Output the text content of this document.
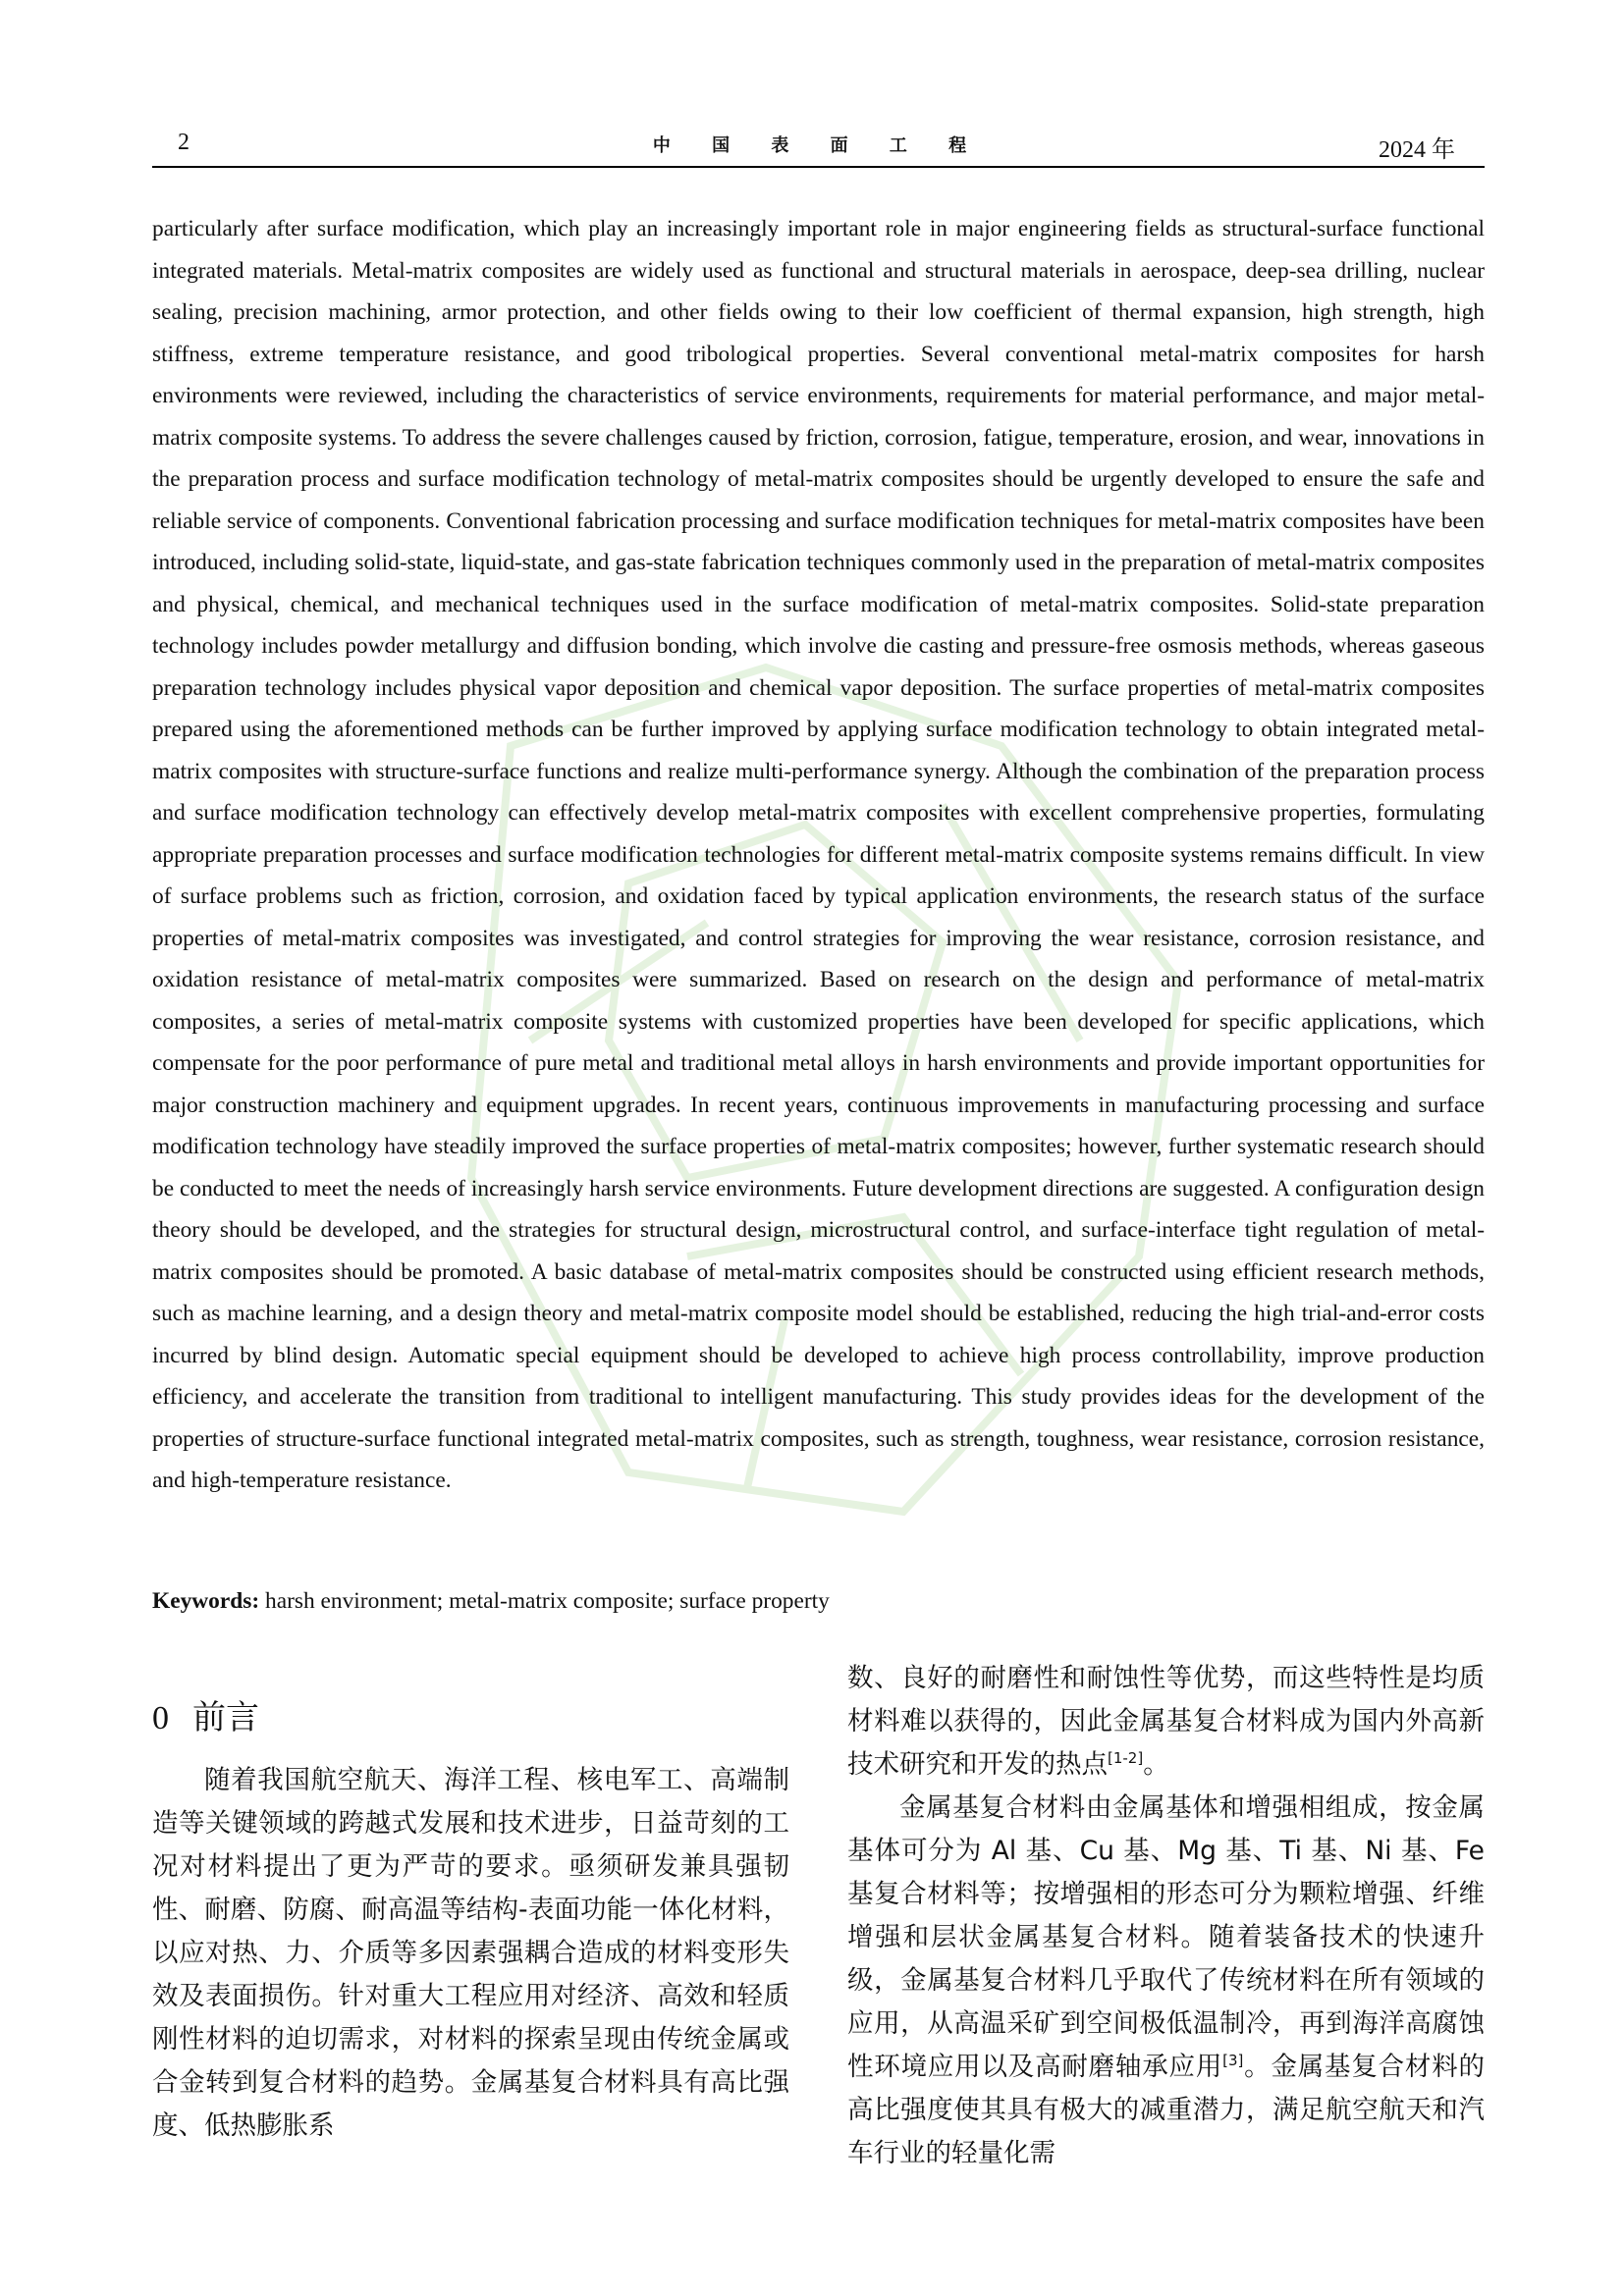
2	中 国 表 面 工 程	2024 年
particularly after surface modification, which play an increasingly important role in major engineering fields as structural-surface functional integrated materials. Metal-matrix composites are widely used as functional and structural materials in aerospace, deep-sea drilling, nuclear sealing, precision machining, armor protection, and other fields owing to their low coefficient of thermal expansion, high strength, high stiffness, extreme temperature resistance, and good tribological properties. Several conventional metal-matrix composites for harsh environments were reviewed, including the characteristics of service environments, requirements for material performance, and major metal-matrix composite systems. To address the severe challenges caused by friction, corrosion, fatigue, temperature, erosion, and wear, innovations in the preparation process and surface modification technology of metal-matrix composites should be urgently developed to ensure the safe and reliable service of components. Conventional fabrication processing and surface modification techniques for metal-matrix composites have been introduced, including solid-state, liquid-state, and gas-state fabrication techniques commonly used in the preparation of metal-matrix composites and physical, chemical, and mechanical techniques used in the surface modification of metal-matrix composites. Solid-state preparation technology includes powder metallurgy and diffusion bonding, which involve die casting and pressure-free osmosis methods, whereas gaseous preparation technology includes physical vapor deposition and chemical vapor deposition. The surface properties of metal-matrix composites prepared using the aforementioned methods can be further improved by applying surface modification technology to obtain integrated metal-matrix composites with structure-surface functions and realize multi-performance synergy. Although the combination of the preparation process and surface modification technology can effectively develop metal-matrix composites with excellent comprehensive properties, formulating appropriate preparation processes and surface modification technologies for different metal-matrix composite systems remains difficult. In view of surface problems such as friction, corrosion, and oxidation faced by typical application environments, the research status of the surface properties of metal-matrix composites was investigated, and control strategies for improving the wear resistance, corrosion resistance, and oxidation resistance of metal-matrix composites were summarized. Based on research on the design and performance of metal-matrix composites, a series of metal-matrix composite systems with customized properties have been developed for specific applications, which compensate for the poor performance of pure metal and traditional metal alloys in harsh environments and provide important opportunities for major construction machinery and equipment upgrades. In recent years, continuous improvements in manufacturing processing and surface modification technology have steadily improved the surface properties of metal-matrix composites; however, further systematic research should be conducted to meet the needs of increasingly harsh service environments. Future development directions are suggested. A configuration design theory should be developed, and the strategies for structural design, microstructural control, and surface-interface tight regulation of metal-matrix composites should be promoted. A basic database of metal-matrix composites should be constructed using efficient research methods, such as machine learning, and a design theory and metal-matrix composite model should be established, reducing the high trial-and-error costs incurred by blind design. Automatic special equipment should be developed to achieve high process controllability, improve production efficiency, and accelerate the transition from traditional to intelligent manufacturing. This study provides ideas for the development of the properties of structure-surface functional integrated metal-matrix composites, such as strength, toughness, wear resistance, corrosion resistance, and high-temperature resistance.
Keywords: harsh environment; metal-matrix composite; surface property
0 前言

随着我国航空航天、海洋工程、核电军工、高端制造等关键领域的跨越式发展和技术进步，日益苛刻的工况对材料提出了更为严苛的要求。亟须研发兼具强韧性、耐磨、防腐、耐高温等结构-表面功能一体化材料，以应对热、力、介质等多因素强耦合造成的材料变形失效及表面损伤。针对重大工程应用对经济、高效和轻质刚性材料的迫切需求，对材料的探索呈现由传统金属或合金转到复合材料的趋势。金属基复合材料具有高比强度、低热膨胀系

数、良好的耐磨性和耐蚀性等优势，而这些特性是均质材料难以获得的，因此金属基复合材料成为国内外高新技术研究和开发的热点[1-2]。

金属基复合材料由金属基体和增强相组成，按金属基体可分为 Al 基、Cu 基、Mg 基、Ti 基、Ni 基、Fe 基复合材料等；按增强相的形态可分为颗粒增强、纤维增强和层状金属基复合材料。随着装备技术的快速升级，金属基复合材料几乎取代了传统材料在所有领域的应用，从高温采矿到空间极低温制冷，再到海洋高腐蚀性环境应用以及高耐磨轴承应用[3]。金属基复合材料的高比强度使其具有极大的减重潜力，满足航空航天和汽车行业的轻量化需
